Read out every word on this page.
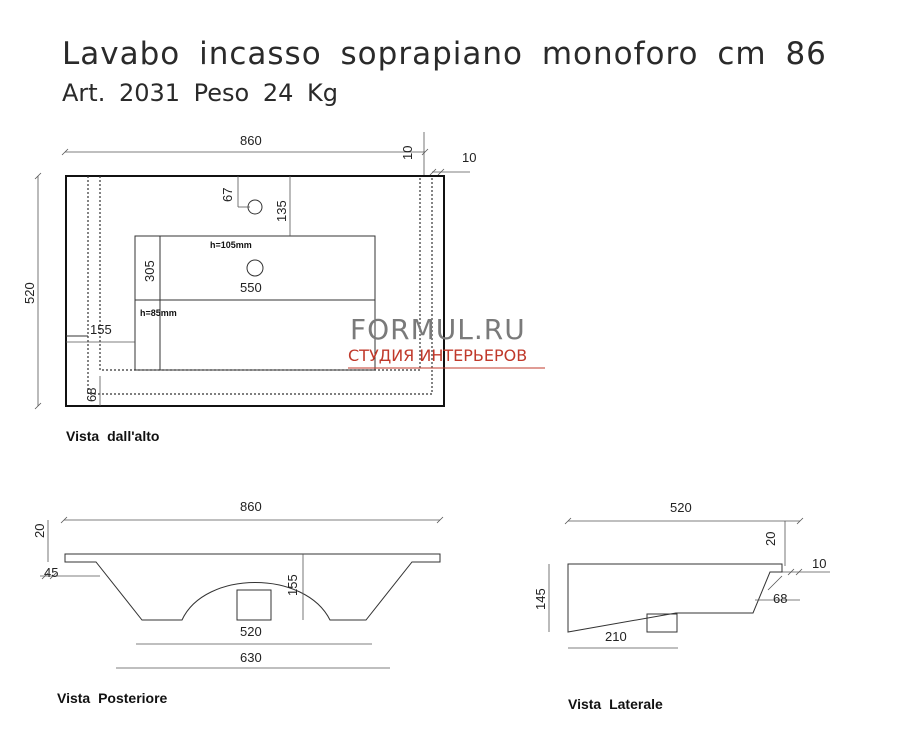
Lavabo incasso soprapiano monoforo cm 86
Art. 2031 Peso 24 Kg
860
10	10
520
67
135
305
550
h=105mm
h=85mm
155
68
Vista dall'alto
FORMUL.RU
СТУДИЯ ИНТЕРЬЕРОВ
860
20
45
155
520
630
Vista Posteriore
520
20
10
145	68
210
Vista Laterale
